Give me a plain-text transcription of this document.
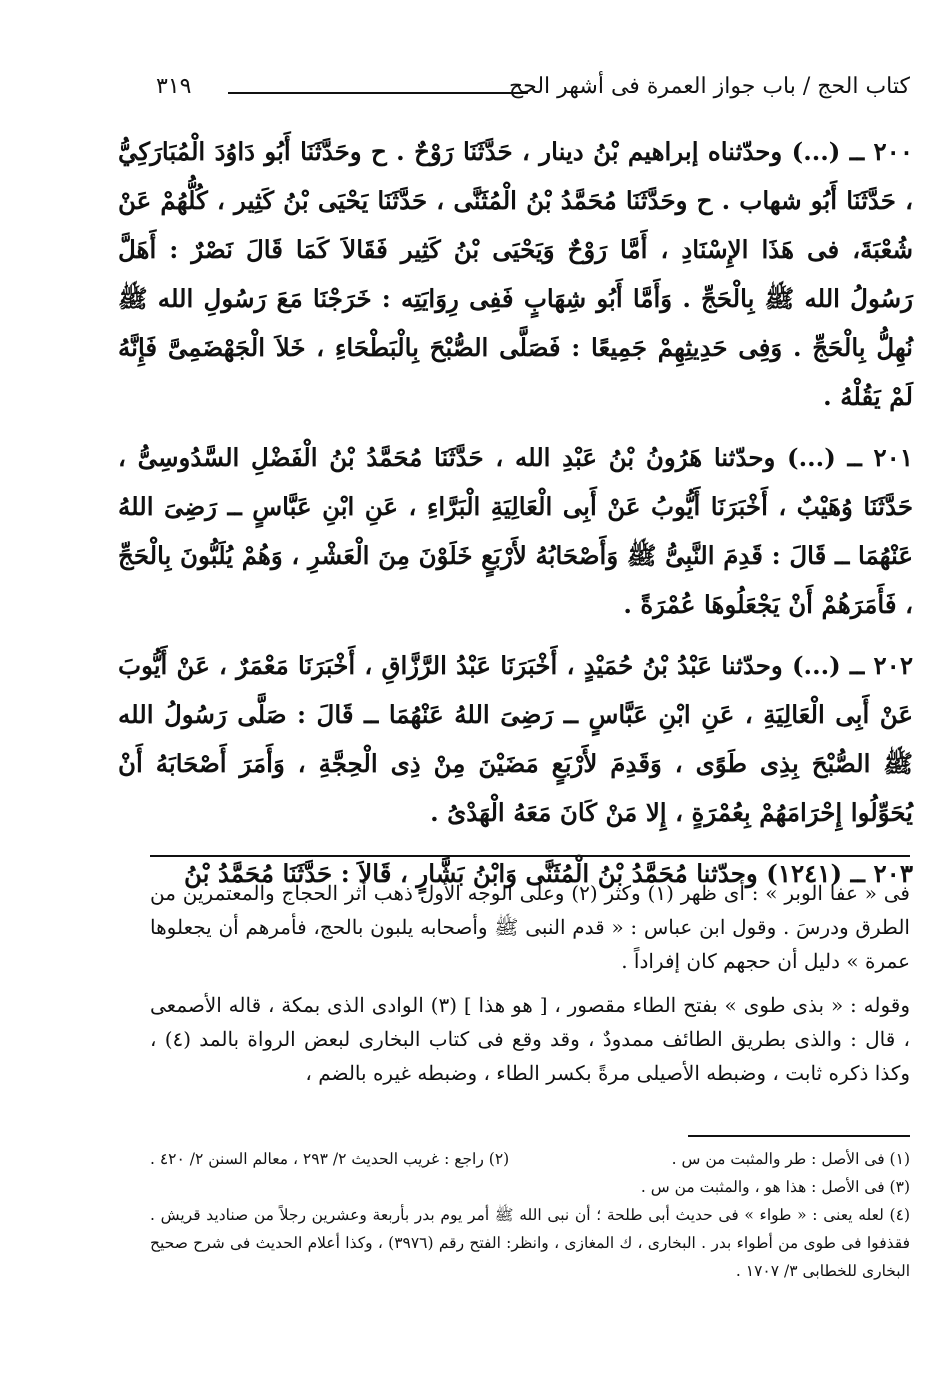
كتاب الحج / باب جواز العمرة فى أشهر الحج
٣١٩

٢٠٠ ــ (...) وحدّثناه إبراهيم بْنُ دينار ، حَدَّثَنَا رَوْحٌ . ح وحَدَّثَنَا أَبُو دَاوُدَ الْمُبَارَكِيُّ ، حَدَّثَنَا أَبُو شهاب . ح وحَدَّثَنَا مُحَمَّدُ بْنُ الْمُثَنَّى ، حَدَّثَنَا يَحْيَى بْنُ كَثِير ، كُلُّهُمْ عَنْ شُعْبَةَ، فى هَذَا الإِسْنَادِ ، أَمَّا رَوْحٌ وَيَحْيَى بْنُ كَثِير فَقَالاَ كَمَا قَالَ نَصْرٌ : أَهَلَّ رَسُولُ الله ﷺ بِالْحَجِّ . وَأَمَّا أَبُو شِهَابٍ فَفِى رِوَايَتِه : خَرَجْنَا مَعَ رَسُولِ الله ﷺ نُهِلُّ بِالْحَجِّ . وَفِى حَدِيثِهِمْ جَمِيعًا : فَصَلَّى الصُّبْحَ بِالْبَطْحَاءِ ، خَلاَ الْجَهْضَمِىَّ فَإِنَّهُ لَمْ يَقُلْهُ .

٢٠١ ــ (...) وحدّثنا هَرُونُ بْنُ عَبْدِ الله ، حَدَّثَنَا مُحَمَّدُ بْنُ الْفَضْلِ السَّدُوسِىُّ ، حَدَّثَنَا وُهَيْبٌ ، أَخْبَرَنَا أَيُّوبُ عَنْ أَبِى الْعَالِيَةِ الْبَرَّاءِ ، عَنِ ابْنِ عَبَّاسٍ ــ رَضِىَ اللهُ عَنْهُمَا ــ قَالَ : قَدِمَ النَّبِىُّ ﷺ وَأَصْحَابُهُ لأَرْبَعٍ خَلَوْنَ مِنَ الْعَشْرِ ، وَهُمْ يُلَبُّونَ بِالْحَجِّ ، فَأَمَرَهُمْ أَنْ يَجْعَلُوهَا عُمْرَةً .

٢٠٢ ــ (...) وحدّثنا عَبْدُ بْنُ حُمَيْدٍ ، أَخْبَرَنَا عَبْدُ الرَّزَّاقِ ، أَخْبَرَنَا مَعْمَرٌ ، عَنْ أَيُّوبَ عَنْ أَبِى الْعَالِيَةِ ، عَنِ ابْنِ عَبَّاسٍ ــ رَضِىَ اللهُ عَنْهُمَا ــ قَالَ : صَلَّى رَسُولُ الله ﷺ الصُّبْحَ بِذِى طَوًى ، وَقَدِمَ لأَرْبَعٍ مَضَيْنَ مِنْ ذِى الْحِجَّةِ ، وَأَمَرَ أَصْحَابَهُ أَنْ يُحَوِّلُوا إِحْرَامَهُمْ بِعُمْرَةٍ ، إِلا مَنْ كَانَ مَعَهُ الْهَدْىُ .

٢٠٣ ــ (١٢٤١) وحدّثنا مُحَمَّدُ بْنُ الْمُثَنَّى وَابْنُ بَشَّارٍ ، قَالاَ : حَدَّثَنَا مُحَمَّدُ بْنُ

فى « عفا الوبر » : أى ظهر (١) وكثر (٢) وعلى الوجه الأول ذهب أثر الحجاج والمعتمرين من الطرق ودرسَ . وقول ابن عباس : « قدم النبى ﷺ وأصحابه يلبون بالحج، فأمرهم أن يجعلوها عمرة » دليل أن حجهم كان إفراداً .

وقوله : « بذى طوى » بفتح الطاء مقصور ، [ هو هذا ] (٣) الوادى الذى بمكة ، قاله الأصمعى ، قال : والذى بطريق الطائف ممدودٌ ، وقد وقع فى كتاب البخارى لبعض الرواة بالمد (٤) ، وكذا ذكره ثابت ، وضبطه الأصيلى مرةً بكسر الطاء ، وضبطه غيره بالضم ،

(١) فى الأصل : طر والمثبت من س .

(٢) راجع : غريب الحديث ٢/ ٢٩٣ ، معالم السنن ٢/ ٤٢٠ .

(٣) فى الأصل : هذا هو ، والمثبت من س .

(٤) لعله يعنى : « طواء » فى حديث أبى طلحة ؛ أن نبى الله ﷺ أمر يوم بدر بأربعة وعشرين رجلاً من صناديد قريش . فقذفوا فى طوى من أطواء بدر . البخارى ، ك المغازى ، وانظر: الفتح رقم (٣٩٧٦) ، وكذا أعلام الحديث فى شرح صحيح البخارى للخطابى ٣/ ١٧٠٧ .
